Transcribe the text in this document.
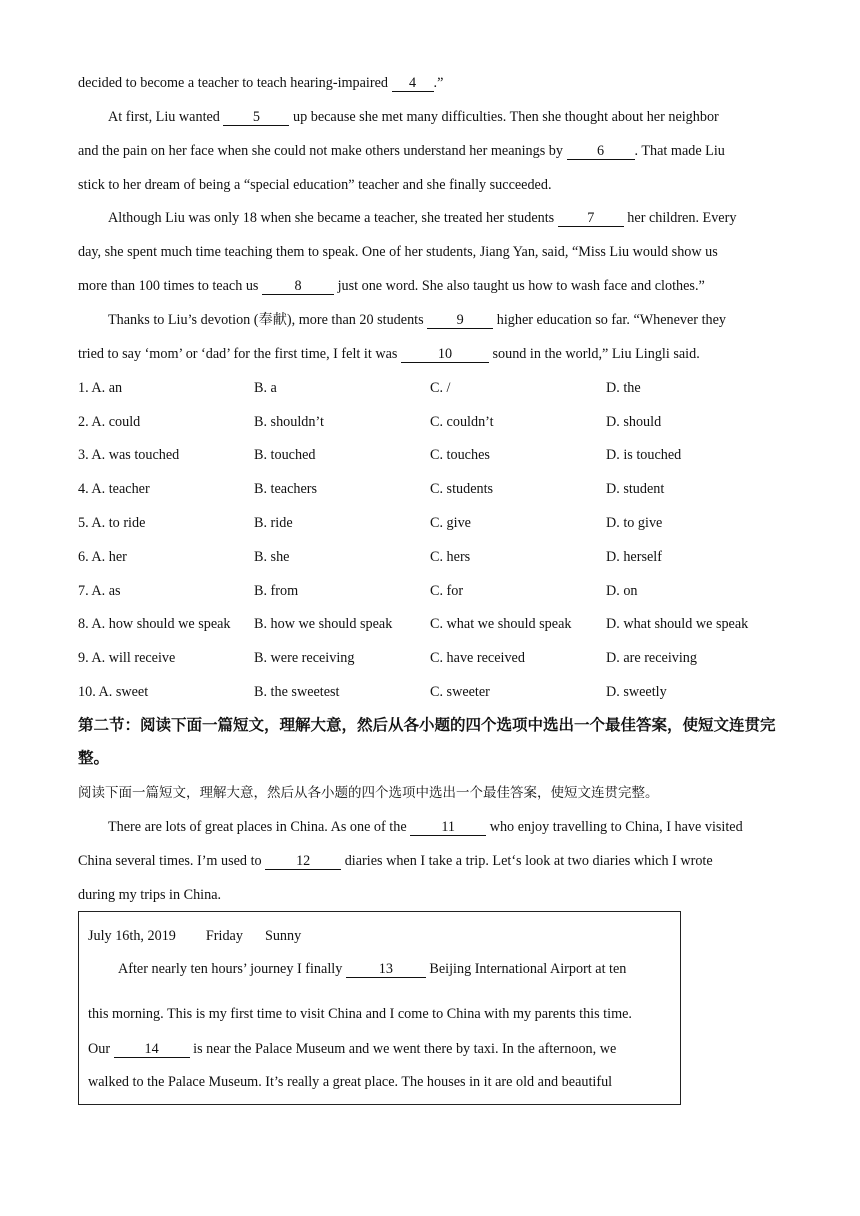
decided to become a teacher to teach hearing-impaired 4 .”
At first, Liu wanted 5 up because she met many difficulties. Then she thought about her neighbor
and the pain on her face when she could not make others understand her meanings by 6 . That made Liu
stick to her dream of being a “special education” teacher and she finally succeeded.
Although Liu was only 18 when she became a teacher, she treated her students 7 her children. Every
day, she spent much time teaching them to speak. One of her students, Jiang Yan, said, “Miss Liu would show us
more than 100 times to teach us 8 just one word. She also taught us how to wash face and clothes.”
Thanks to Liu’s devotion (奉献), more than 20 students 9 higher education so far. “Whenever they
tried to say ‘mom’ or ‘dad’ for the first time, I felt it was	10	sound in the world,” Liu Lingli said.
1. A. an	B. a	C. /	D. the
2. A. could	B. shouldn’t	C. couldn’t	D. should
3. A. was touched	B. touched	C. touches	D. is touched
4. A. teacher	B. teachers	C. students	D. student
5. A. to ride	B. ride	C. give	D. to give
6. A. her	B. she	C. hers	D. herself
7. A. as	B. from	C. for	D. on
8. A. how should we speak B. how we should speak	C. what we should speak D. what should we speak
9. A. will receive	B. were receiving	C. have received	D. are receiving
10. A. sweet	B. the sweetest	C. sweeter	D. sweetly
第二节：阅读下面一篇短文，理解大意，然后从各小题的四个选项中选出一个最佳答案，使短文连贯完整。
阅读下面一篇短文，理解大意，然后从各小题的四个选项中选出一个最佳答案，使短文连贯完整。
There are lots of great places in China. As one of the 11 who enjoy travelling to China, I have visited
China several times. I’m used to 12 diaries when I take a trip. Let‘s look at two diaries which I wrote
during my trips in China.
July 16th, 2019 Friday Sunny
After nearly ten hours’ journey I finally 13 Beijing International Airport at ten
this morning. This is my first time to visit China and I come to China with my parents this time.
Our 14 is near the Palace Museum and we went there by taxi. In the afternoon, we
walked to the Palace Museum. It’s really a great place. The houses in it are old and beautiful
